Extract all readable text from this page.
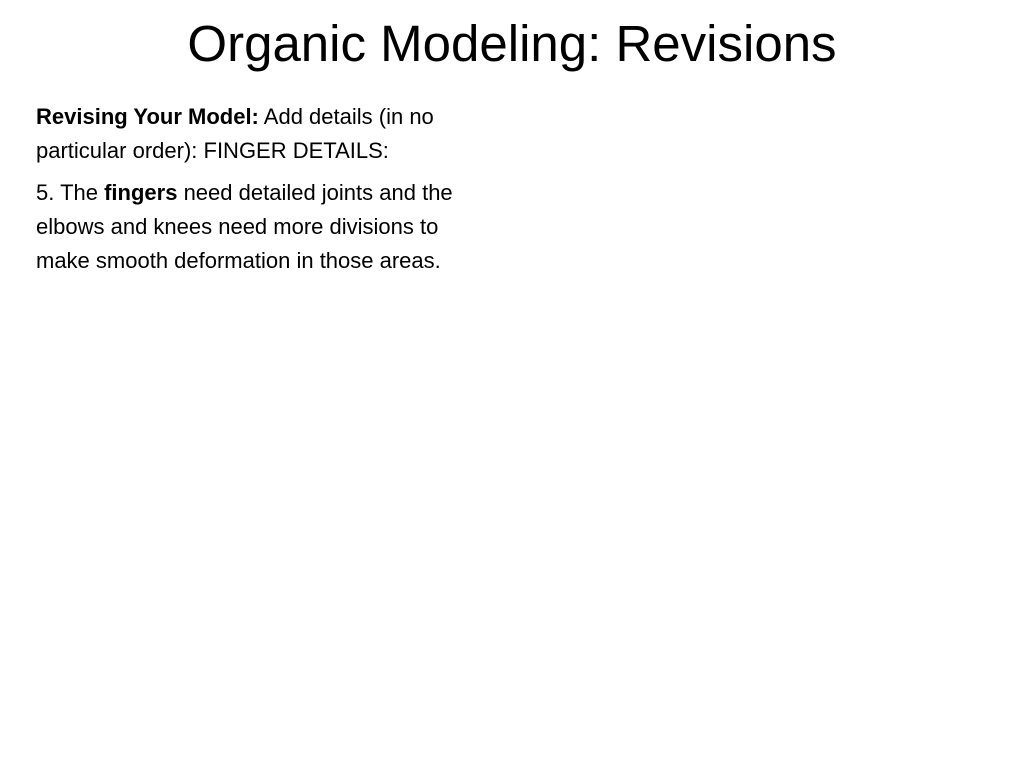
Organic Modeling: Revisions

Revising Your Model: Add details (in no particular order): FINGER DETAILS:

5. The fingers need detailed joints and the elbows and knees need more divisions to make smooth deformation in those areas.
